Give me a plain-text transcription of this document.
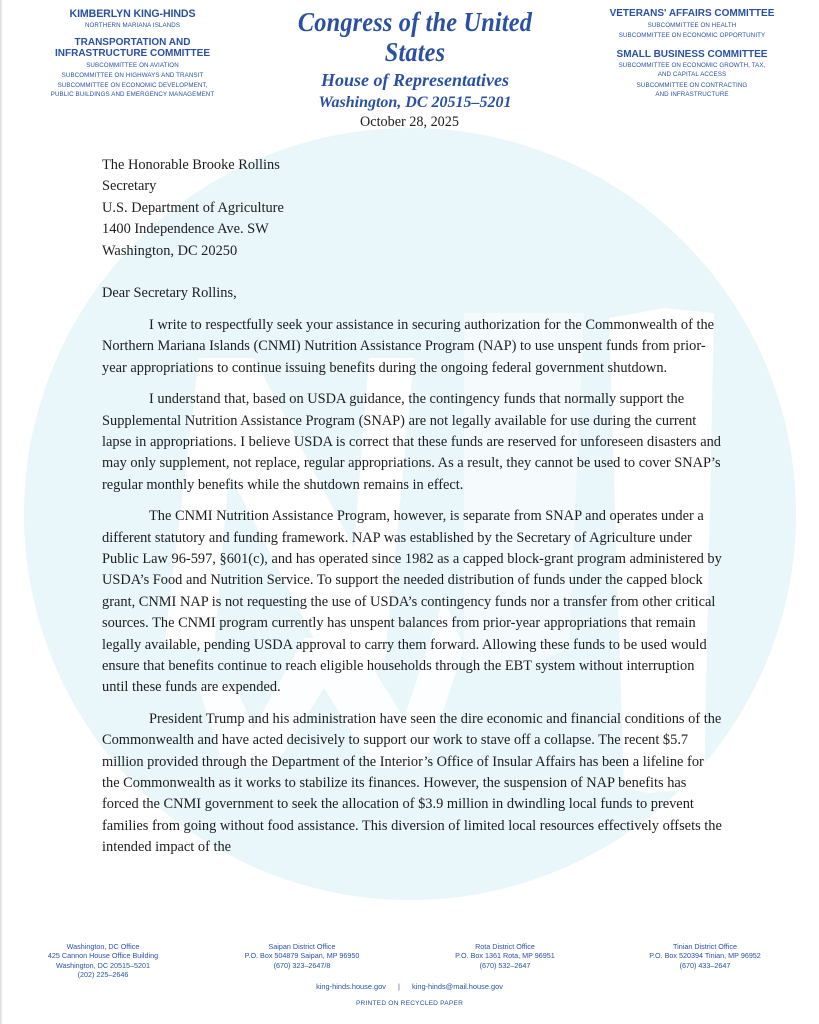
KIMBERLYN KING-HINDS
NORTHERN MARIANA ISLANDS
TRANSPORTATION AND
INFRASTRUCTURE COMMITTEE
SUBCOMMITTEE ON AVIATION
SUBCOMMITTEE ON HIGHWAYS AND TRANSIT
SUBCOMMITTEE ON ECONOMIC DEVELOPMENT,
PUBLIC BUILDINGS AND EMERGENCY MANAGEMENT
Congress of the United States
House of Representatives
Washington, DC 20515–5201
VETERANS' AFFAIRS COMMITTEE
SUBCOMMITTEE ON HEALTH
SUBCOMMITTEE ON ECONOMIC OPPORTUNITY
SMALL BUSINESS COMMITTEE
SUBCOMMITTEE ON ECONOMIC GROWTH, TAX,
AND CAPITAL ACCESS
SUBCOMMITTEE ON CONTRACTING
AND INFRASTRUCTURE
October 28, 2025
The Honorable Brooke Rollins
Secretary
U.S. Department of Agriculture
1400 Independence Ave. SW
Washington, DC 20250
Dear Secretary Rollins,

I write to respectfully seek your assistance in securing authorization for the Commonwealth of the Northern Mariana Islands (CNMI) Nutrition Assistance Program (NAP) to use unspent funds from prior-year appropriations to continue issuing benefits during the ongoing federal government shutdown.

I understand that, based on USDA guidance, the contingency funds that normally support the Supplemental Nutrition Assistance Program (SNAP) are not legally available for use during the current lapse in appropriations. I believe USDA is correct that these funds are reserved for unforeseen disasters and may only supplement, not replace, regular appropriations. As a result, they cannot be used to cover SNAP’s regular monthly benefits while the shutdown remains in effect.

The CNMI Nutrition Assistance Program, however, is separate from SNAP and operates under a different statutory and funding framework. NAP was established by the Secretary of Agriculture under Public Law 96-597, §601(c), and has operated since 1982 as a capped block-grant program administered by USDA’s Food and Nutrition Service. To support the needed distribution of funds under the capped block grant, CNMI NAP is not requesting the use of USDA’s contingency funds nor a transfer from other critical sources. The CNMI program currently has unspent balances from prior-year appropriations that remain legally available, pending USDA approval to carry them forward. Allowing these funds to be used would ensure that benefits continue to reach eligible households through the EBT system without interruption until these funds are expended.

President Trump and his administration have seen the dire economic and financial conditions of the Commonwealth and have acted decisively to support our work to stave off a collapse. The recent $5.7 million provided through the Department of the Interior’s Office of Insular Affairs has been a lifeline for the Commonwealth as it works to stabilize its finances. However, the suspension of NAP benefits has forced the CNMI government to seek the allocation of $3.9 million in dwindling local funds to prevent families from going without food assistance. This diversion of limited local resources effectively offsets the intended impact of the

Washington, DC Office
425 Cannon House Office Building
Washington, DC 20515–5201
(202) 225–2646
Saipan District Office
P.O. Box 504879 Saipan, MP 96950
(670) 323–2647/8
Rota District Office
P.O. Box 1361 Rota, MP 96951
(670) 532–2647
Tinian District Office
P.O. Box 520394 Tinian, MP 96952
(670) 433–2647
king-hinds.house.gov | king-hinds@mail.house.gov
PRINTED ON RECYCLED PAPER
